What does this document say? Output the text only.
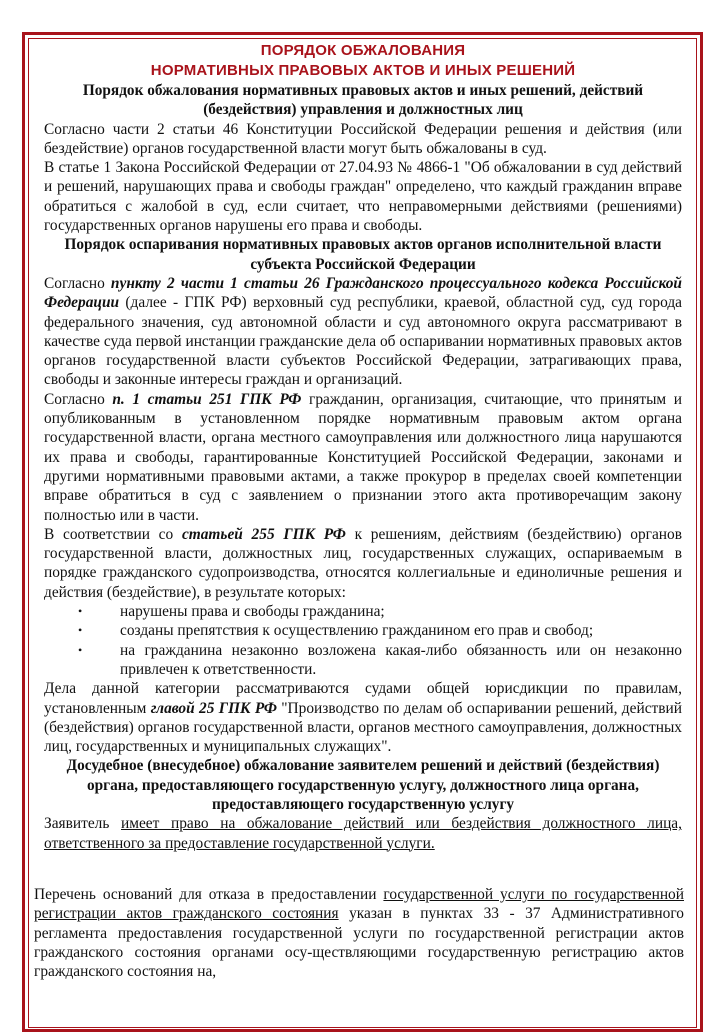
ПОРЯДОК ОБЖАЛОВАНИЯ
НОРМАТИВНЫХ ПРАВОВЫХ АКТОВ И ИНЫХ РЕШЕНИЙ
Порядок обжалования нормативных правовых актов и иных решений, действий (бездействия) управления и должностных лиц

Согласно части 2 статьи 46 Конституции Российской Федерации решения и действия (или бездействие) органов государственной власти могут быть обжалованы в суд.

В статье 1 Закона Российской Федерации от 27.04.93 № 4866-1 "Об обжаловании в суд действий и решений, нарушающих права и свободы граждан" определено, что каждый гражданин вправе обратиться с жалобой в суд, если считает, что неправомерными действиями (решениями) государственных органов нарушены его права и свободы.

Порядок оспаривания нормативных правовых актов органов исполнительной власти субъекта Российской Федерации

Согласно пункту 2 части 1 статьи 26 Гражданского процессуального кодекса Российской Федерации (далее - ГПК РФ) верховный суд республики, краевой, областной суд, суд города федерального значения, суд автономной области и суд автономного округа рассматривают в качестве суда первой инстанции гражданские дела об оспаривании нормативных правовых актов органов государственной власти субъектов Российской Федерации, затрагивающих права, свободы и законные интересы граждан и организаций.

Согласно п. 1 статьи 251 ГПК РФ гражданин, организация, считающие, что принятым и опубликованным в установленном порядке нормативным правовым актом органа государственной власти, органа местного самоуправления или должностного лица нарушаются их права и свободы, гарантированные Конституцией Российской Федерации, законами и другими нормативными правовыми актами, а также прокурор в пределах своей компетенции вправе обратиться в суд с заявлением о признании этого акта противоречащим закону полностью или в части.

В соответствии со статьей 255 ГПК РФ к решениям, действиям (бездействию) органов государственной власти, должностных лиц, государственных служащих, оспариваемым в порядке гражданского судопроизводства, относятся коллегиальные и единоличные решения и действия (бездействие), в результате которых:

• нарушены права и свободы гражданина;
• созданы препятствия к осуществлению гражданином его прав и свобод;
• на гражданина незаконно возложена какая-либо обязанность или он незаконно привлечен к ответственности.

Дела данной категории рассматриваются судами общей юрисдикции по правилам, установленным главой 25 ГПК РФ "Производство по делам об оспаривании решений, действий (бездействия) органов государственной власти, органов местного самоуправления, должностных лиц, государственных и муниципальных служащих".

Досудебное (внесудебное) обжалование заявителем решений и действий (бездействия) органа, предоставляющего государственную услугу, должностного лица органа, предоставляющего государственную услугу

Заявитель имеет право на обжалование действий или бездействия должностного лица, ответственного за предоставление государственной услуги.

Перечень оснований для отказа в предоставлении государственной услуги по государственной регистрации актов гражданского состояния указан в пунктах 33 - 37 Административного регламента предоставления государственной услуги по государственной регистрации актов гражданского состояния органами осу-ществляющими государственную регистрацию актов гражданского состояния на,
